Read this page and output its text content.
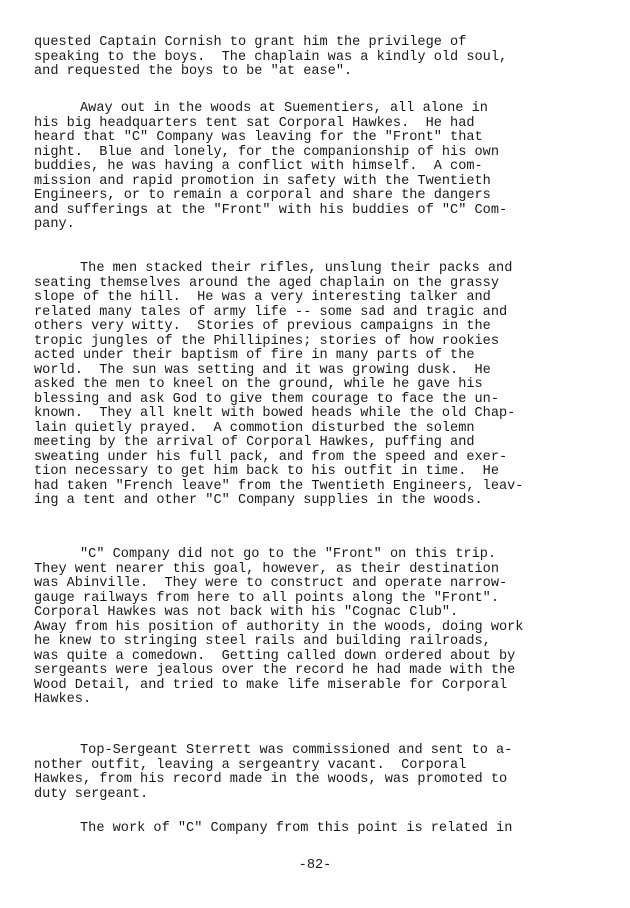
quested Captain Cornish to grant him the privilege of
speaking to the boys.  The chaplain was a kindly old soul,
and requested the boys to be "at ease".
Away out in the woods at Suementiers, all alone in
his big headquarters tent sat Corporal Hawkes.  He had
heard that "C" Company was leaving for the "Front" that
night.  Blue and lonely, for the companionship of his own
buddies, he was having a conflict with himself.  A com-
mission and rapid promotion in safety with the Twentieth
Engineers, or to remain a corporal and share the dangers
and sufferings at the "Front" with his buddies of "C" Com-
pany.
The men stacked their rifles, unslung their packs and
seating themselves around the aged chaplain on the grassy
slope of the hill.  He was a very interesting talker and
related many tales of army life -- some sad and tragic and
others very witty.  Stories of previous campaigns in the
tropic jungles of the Phillipines; stories of how rookies
acted under their baptism of fire in many parts of the
world.  The sun was setting and it was growing dusk.  He
asked the men to kneel on the ground, while he gave his
blessing and ask God to give them courage to face the un-
known.  They all knelt with bowed heads while the old Chap-
lain quietly prayed.  A commotion disturbed the solemn
meeting by the arrival of Corporal Hawkes, puffing and
sweating under his full pack, and from the speed and exer-
tion necessary to get him back to his outfit in time.  He
had taken "French leave" from the Twentieth Engineers, leav-
ing a tent and other "C" Company supplies in the woods.
"C" Company did not go to the "Front" on this trip.
They went nearer this goal, however, as their destination
was Abinville.  They were to construct and operate narrow-
gauge railways from here to all points along the "Front".
Corporal Hawkes was not back with his "Cognac Club".
Away from his position of authority in the woods, doing work
he knew to stringing steel rails and building railroads,
was quite a comedown.  Getting called down ordered about by
sergeants were jealous over the record he had made with the
Wood Detail, and tried to make life miserable for Corporal
Hawkes.
Top-Sergeant Sterrett was commissioned and sent to a-
nother outfit, leaving a sergeantry vacant.  Corporal
Hawkes, from his record made in the woods, was promoted to
duty sergeant.
The work of "C" Company from this point is related in
-82-
